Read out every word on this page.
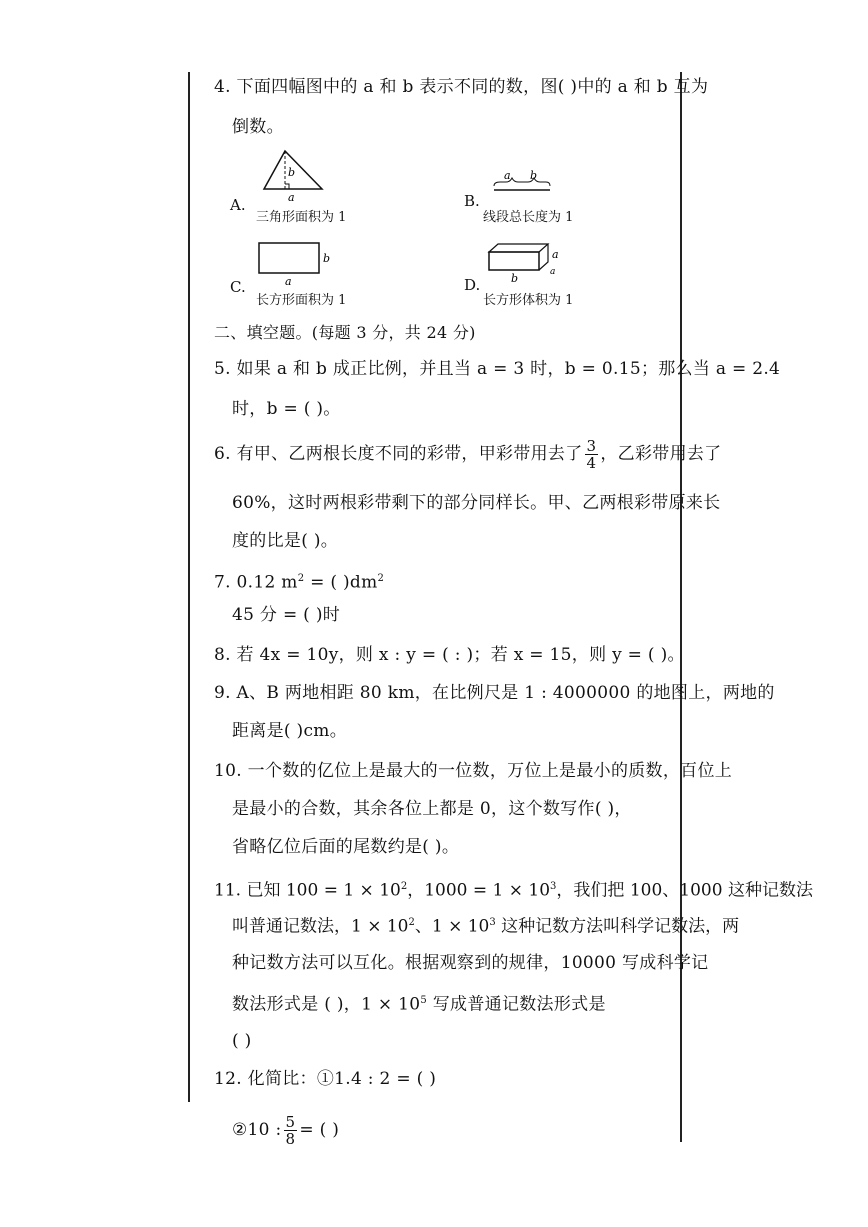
4. 下面四幅图中的 a 和 b 表示不同的数，图( )中的 a 和 b 互为
倒数。
A.
b
a
三角形面积为 1
B.
a b
线段总长度为 1
C.
b
a
长方形面积为 1
D.
a
a
b
长方形体积为 1
二、填空题。(每题 3 分，共 24 分)
5. 如果 a 和 b 成正比例，并且当 a = 3 时，b = 0.15；那么当 a = 2.4
时，b = ( )。
6. 有甲、乙两根长度不同的彩带，甲彩带用去了 $\frac{3}{4}$ ，乙彩带用去了
60%，这时两根彩带剩下的部分同样长。甲、乙两根彩带原来长
度的比是( )。
7. 0.12 $m^2$ = ( )$dm^2$
45 分 = ( )时
8. 若 4x = 10y，则 x : y = ( : )；若 x = 15，则 y = ( )。
9. A、B 两地相距 80 km，在比例尺是 1 : 4000000 的地图上，两地的
距离是( )cm。
10. 一个数的亿位上是最大的一位数，万位上是最小的质数，百位上
是最小的合数，其余各位上都是 0，这个数写作( )，
省略亿位后面的尾数约是( )。
11. 已知 $100 = 1 \times 10^2$，$1000 = 1 \times 10^3$，我们把 100、1000 这种记数法
叫普通记数法，$1 \times 10^2$、$1 \times 10^3$ 这种记数方法叫科学记数法，两
种记数方法可以互化。根据观察到的规律，10000 写成科学记
数法形式是 ( )，$1 \times 10^5$ 写成普通记数法形式是
( )
12. 化简比：①1.4 : 2 = ( )
②10 : $\frac{5}{8}$ = ( )
